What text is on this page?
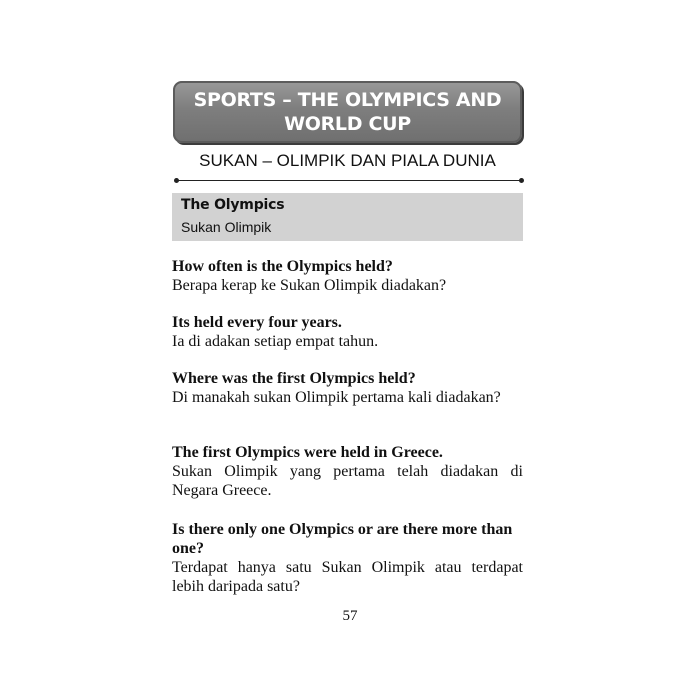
SPORTS – THE OLYMPICS AND
WORLD CUP
SUKAN – OLIMPIK DAN PIALA DUNIA
The Olympics
Sukan Olimpik
How often is the Olympics held?
Berapa kerap ke Sukan Olimpik diadakan?
Its held every four years.
Ia di adakan setiap empat tahun.
Where was the first Olympics held?
Di manakah sukan Olimpik pertama kali diadakan?
The first Olympics were held in Greece.
Sukan Olimpik yang pertama telah diadakan di Negara Greece.
Is there only one Olympics or are there more than one?
Terdapat hanya satu Sukan Olimpik atau terdapat lebih daripada satu?
57
